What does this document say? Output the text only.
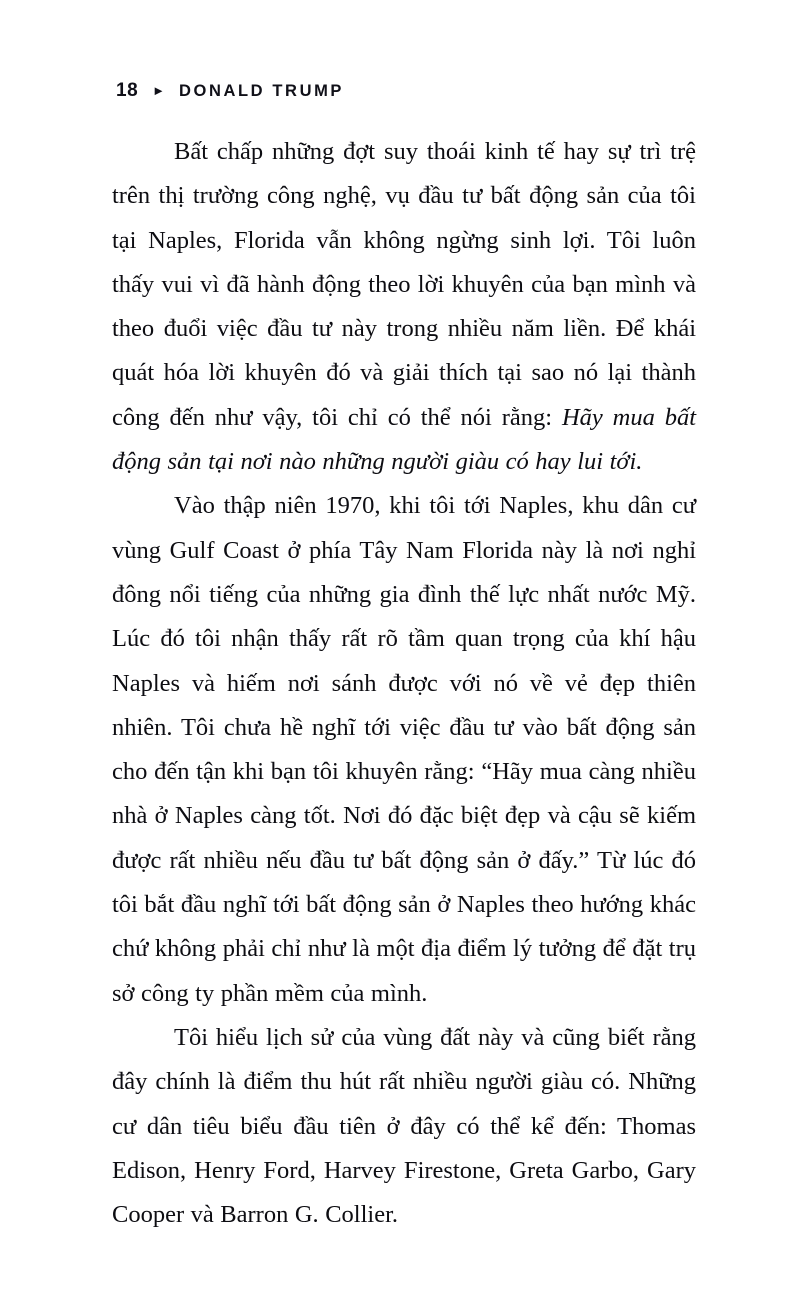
18 ► DONALD TRUMP

Bất chấp những đợt suy thoái kinh tế hay sự trì trệ trên thị trường công nghệ, vụ đầu tư bất động sản của tôi tại Naples, Florida vẫn không ngừng sinh lợi. Tôi luôn thấy vui vì đã hành động theo lời khuyên của bạn mình và theo đuổi việc đầu tư này trong nhiều năm liền. Để khái quát hóa lời khuyên đó và giải thích tại sao nó lại thành công đến như vậy, tôi chỉ có thể nói rằng: Hãy mua bất động sản tại nơi nào những người giàu có hay lui tới.

Vào thập niên 1970, khi tôi tới Naples, khu dân cư vùng Gulf Coast ở phía Tây Nam Florida này là nơi nghỉ đông nổi tiếng của những gia đình thế lực nhất nước Mỹ. Lúc đó tôi nhận thấy rất rõ tầm quan trọng của khí hậu Naples và hiếm nơi sánh được với nó về vẻ đẹp thiên nhiên. Tôi chưa hề nghĩ tới việc đầu tư vào bất động sản cho đến tận khi bạn tôi khuyên rằng: “Hãy mua càng nhiều nhà ở Naples càng tốt. Nơi đó đặc biệt đẹp và cậu sẽ kiếm được rất nhiều nếu đầu tư bất động sản ở đấy.” Từ lúc đó tôi bắt đầu nghĩ tới bất động sản ở Naples theo hướng khác chứ không phải chỉ như là một địa điểm lý tưởng để đặt trụ sở công ty phần mềm của mình.

Tôi hiểu lịch sử của vùng đất này và cũng biết rằng đây chính là điểm thu hút rất nhiều người giàu có. Những cư dân tiêu biểu đầu tiên ở đây có thể kể đến: Thomas Edison, Henry Ford, Harvey Firestone, Greta Garbo, Gary Cooper và Barron G. Collier.
